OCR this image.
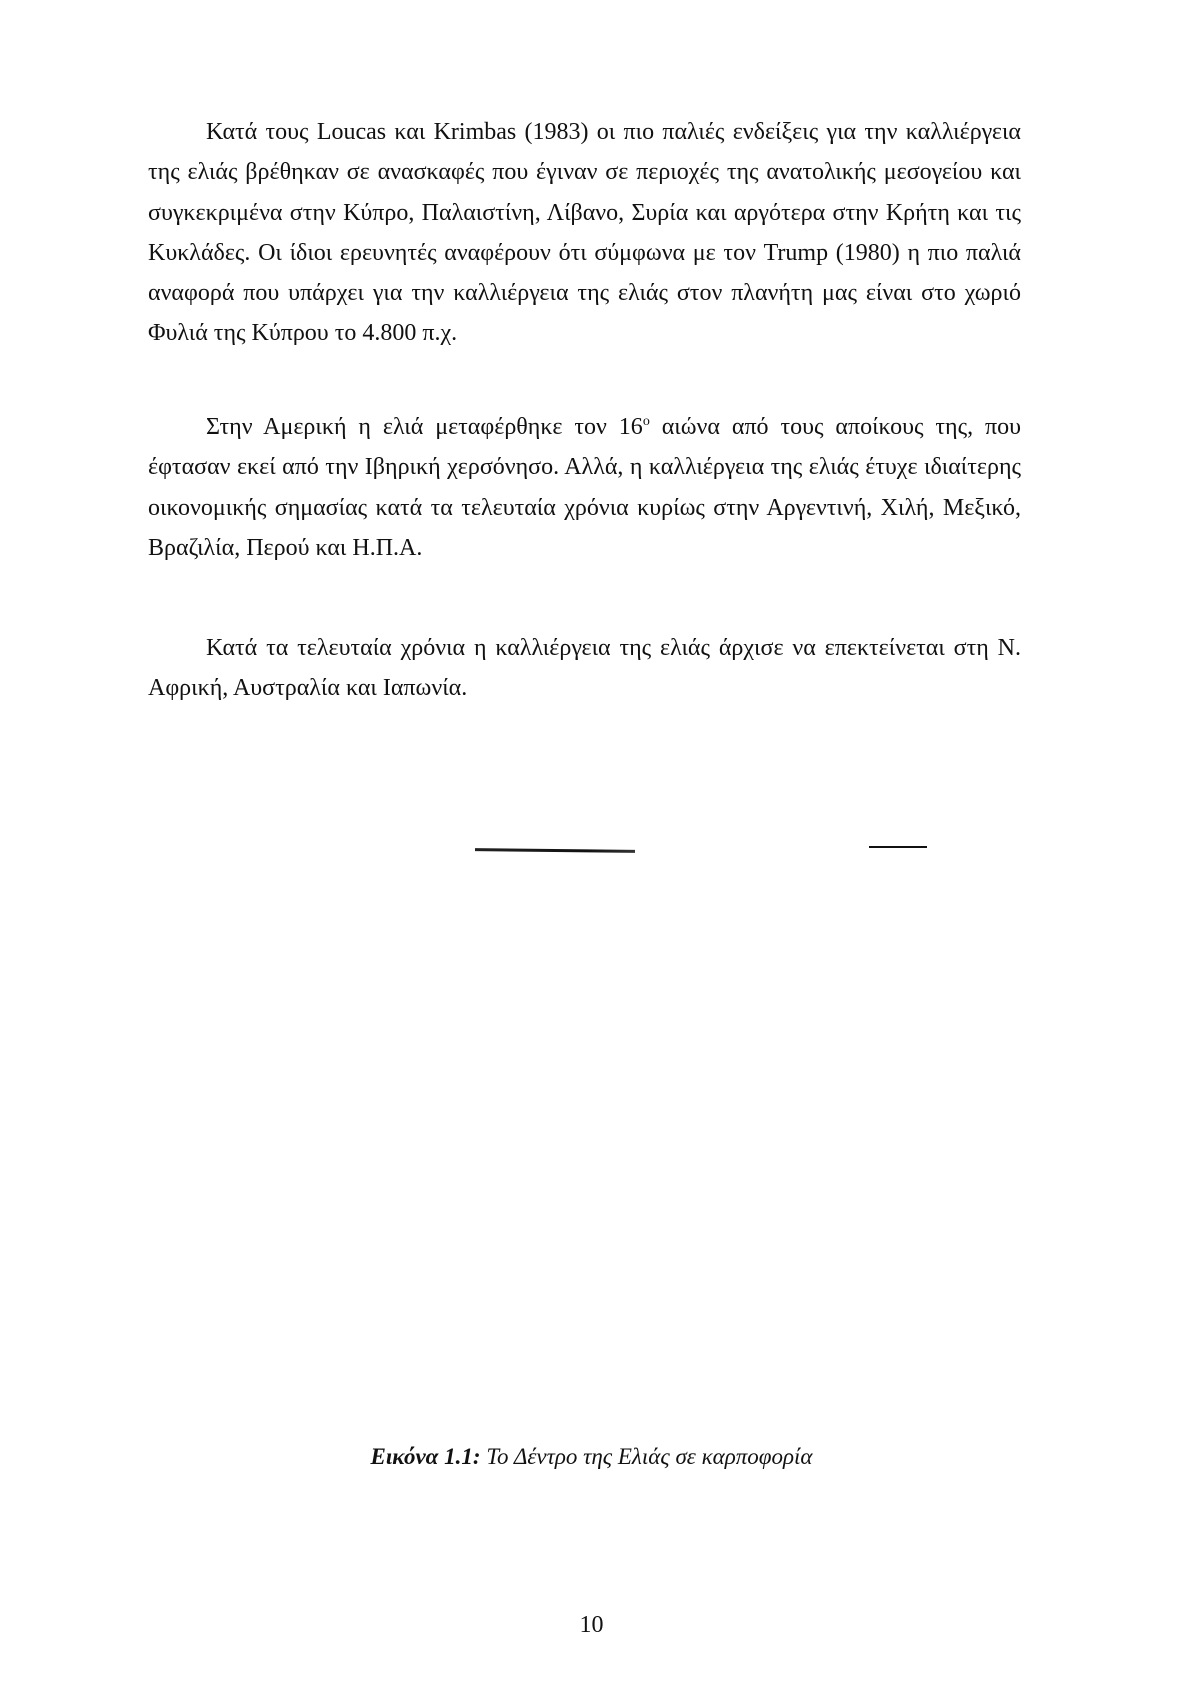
Κατά τους Loucas και Krimbas (1983) οι πιο παλιές ενδείξεις για την καλλιέργεια της ελιάς βρέθηκαν σε ανασκαφές που έγιναν σε περιοχές της ανατολικής μεσογείου και συγκεκριμένα στην Κύπρο, Παλαιστίνη, Λίβανο, Συρία και αργότερα στην Κρήτη και τις Κυκλάδες. Οι ίδιοι ερευνητές αναφέρουν ότι σύμφωνα με τον Trump (1980) η πιο παλιά αναφορά που υπάρχει για την καλλιέργεια της ελιάς στον πλανήτη μας είναι στο χωριό Φυλιά της Κύπρου το 4.800 π.χ.

Στην Αμερική η ελιά μεταφέρθηκε τον $16^o$ αιώνα από τους αποίκους της, που έφτασαν εκεί από την Ιβηρική χερσόνησο. Αλλά, η καλλιέργεια της ελιάς έτυχε ιδιαίτερης οικονομικής σημασίας κατά τα τελευταία χρόνια κυρίως στην Αργεντινή, Χιλή, Μεξικό, Βραζιλία, Περού και Η.Π.Α.

Κατά τα τελευταία χρόνια η καλλιέργεια της ελιάς άρχισε να επεκτείνεται στη Ν. Αφρική, Αυστραλία και Ιαπωνία.

Εικόνα 1.1: Το Δέντρο της Ελιάς σε καρποφορία
10
